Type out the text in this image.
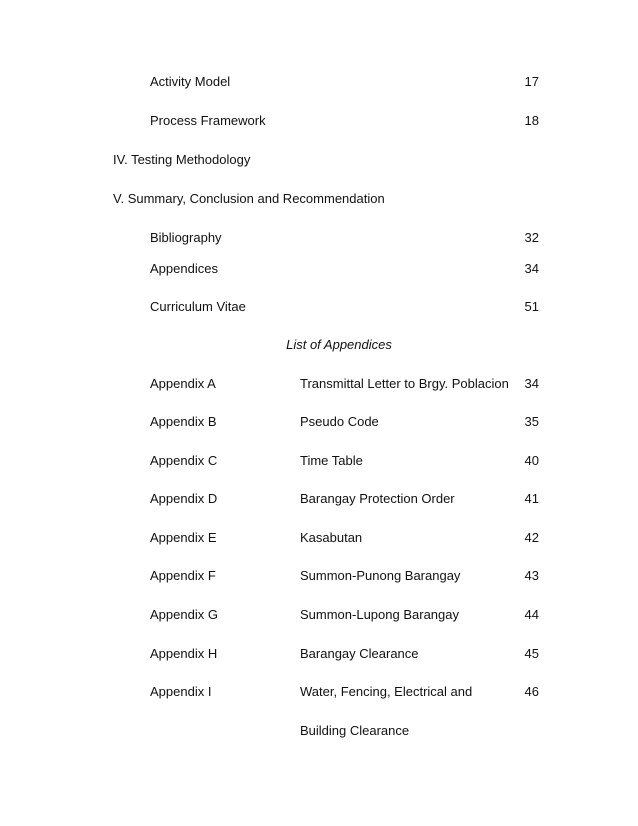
Activity Model	17
Process Framework	18
IV. Testing Methodology
V. Summary, Conclusion and Recommendation
Bibliography	32
Appendices	34
Curriculum Vitae	51
List of Appendices
Appendix A	Transmittal Letter to Brgy. Poblacion 34
Appendix B	Pseudo Code	35
Appendix C	Time Table	40
Appendix D	Barangay Protection Order	41
Appendix E	Kasabutan	42
Appendix F	Summon-Punong Barangay	43
Appendix G	Summon-Lupong Barangay	44
Appendix H	Barangay Clearance	45
Appendix I	Water, Fencing, Electrical and	46
Building Clearance
